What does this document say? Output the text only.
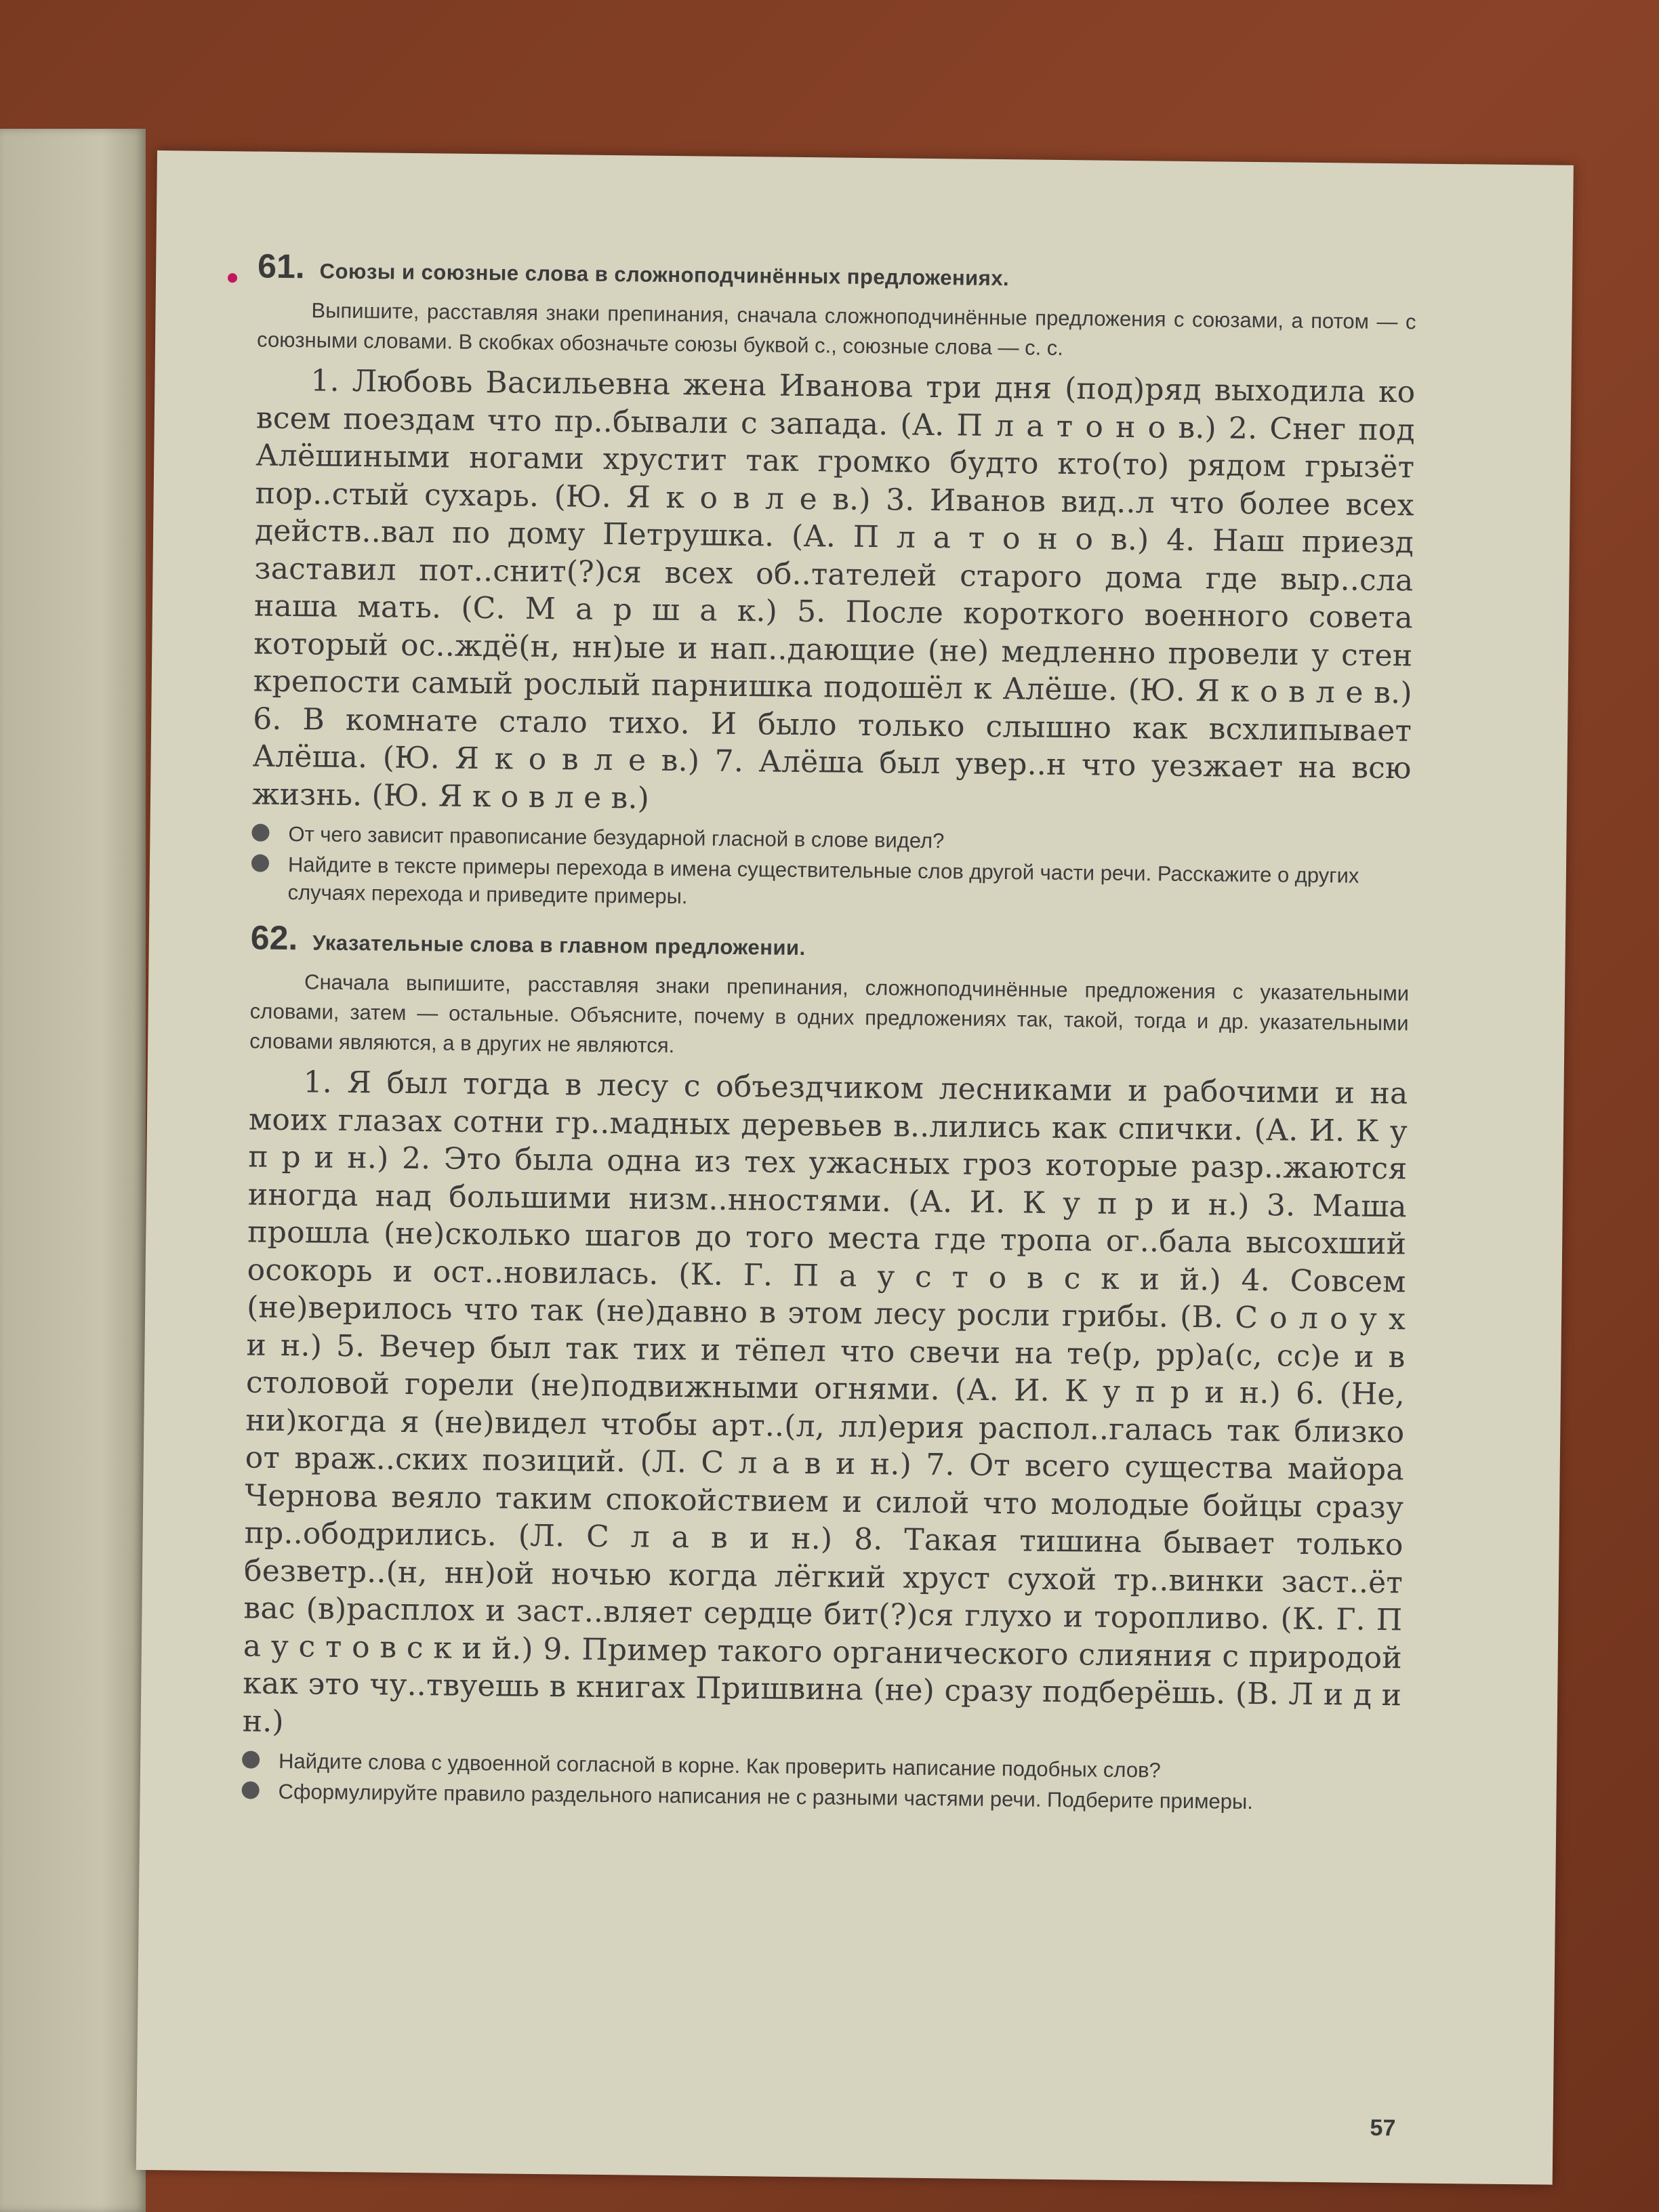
61. Союзы и союзные слова в сложноподчинённых предложениях.

Выпишите, расставляя знаки препинания, сначала сложноподчинённые предложения с союзами, а потом — с союзными словами. В скобках обозначьте союзы буквой с., союзные слова — с. с.

1. Любовь Васильевна жена Иванова три дня (под)ряд выходила ко всем поездам что пр..бывали с запада. (А. П л а т о н о в.) 2. Снег под Алёшиными ногами хрустит так громко будто кто(то) рядом грызёт пор..стый сухарь. (Ю. Я к о в л е в.) 3. Иванов вид..л что более всех действ..вал по дому Петрушка. (А. П л а т о н о в.) 4. Наш приезд заставил пот..снит(?)ся всех об..тателей старого дома где выр..сла наша мать. (С. М а р ш а к.) 5. После короткого военного совета который ос..ждё(н, нн)ые и нап..дающие (не) медленно провели у стен крепости самый рослый парнишка подошёл к Алёше. (Ю. Я к о в л е в.) 6. В комнате стало тихо. И было только слышно как всхлипывает Алёша. (Ю. Я к о в л е в.) 7. Алёша был увер..н что уезжает на всю жизнь. (Ю. Я к о в л е в.)

От чего зависит правописание безударной гласной в слове видел?
Найдите в тексте примеры перехода в имена существительные слов другой части речи. Расскажите о других случаях перехода и приведите примеры.
62. Указательные слова в главном предложении.

Сначала выпишите, расставляя знаки препинания, сложноподчинённые предложения с указательными словами, затем — остальные. Объясните, почему в одних предложениях так, такой, тогда и др. указательными словами являются, а в других не являются.

1. Я был тогда в лесу с объездчиком лесниками и рабочими и на моих глазах сотни гр..мадных деревьев в..лились как спички. (А. И. К у п р и н.) 2. Это была одна из тех ужасных гроз которые разр..жаются иногда над большими низм..нностями. (А. И. К у п р и н.) 3. Маша прошла (не)сколько шагов до того места где тропа ог..бала высохший осокорь и ост..новилась. (К. Г. П а у с т о в с к и й.) 4. Совсем (не)верилось что так (не)давно в этом лесу росли грибы. (В. С о л о у х и н.) 5. Вечер был так тих и тёпел что свечи на те(р, рр)а(с, сс)е и в столовой горели (не)подвижными огнями. (А. И. К у п р и н.) 6. (Не, ни)когда я (не)видел чтобы арт..(л, лл)ерия распол..галась так близко от враж..ских позиций. (Л. С л а в и н.) 7. От всего существа майора Чернова веяло таким спокойствием и силой что молодые бойцы сразу пр..ободрились. (Л. С л а в и н.) 8. Такая тишина бывает только безветр..(н, нн)ой ночью когда лёгкий хруст сухой тр..винки заст..ёт вас (в)расплох и заст..вляет сердце бит(?)ся глухо и торопливо. (К. Г. П а у с т о в с к и й.) 9. Пример такого органического слияния с природой как это чу..твуешь в книгах Пришвина (не) сразу подберёшь. (В. Л и д и н.)

Найдите слова с удвоенной согласной в корне. Как проверить написание подобных слов?
Сформулируйте правило раздельного написания не с разными частями речи. Подберите примеры.
57
